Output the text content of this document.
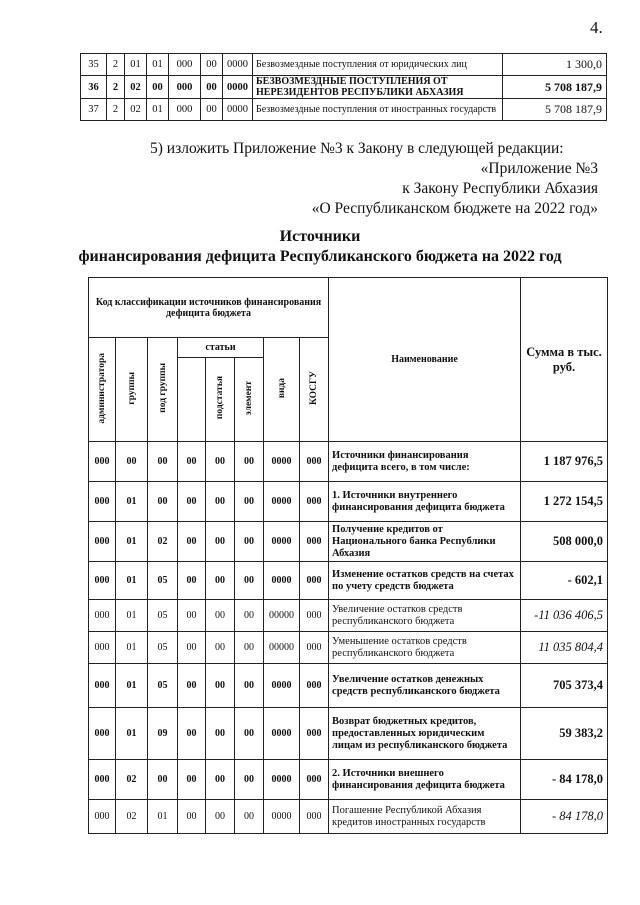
4.
35	2	01	01	000	00	0000	Безвозмездные поступления от юридических лиц	1 300,0
36	2	02	00	000	00	0000	БЕЗВОЗМЕЗДНЫЕ ПОСТУПЛЕНИЯ ОТ НЕРЕЗИДЕНТОВ РЕСПУБЛИКИ АБХАЗИЯ	5 708 187,9
37	2	02	01	000	00	0000	Безвозмездные поступления от иностранных государств	5 708 187,9
5) изложить Приложение №3 к Закону в следующей редакции:
«Приложение №3
к Закону Республики Абхазия
«О Республиканском бюджете на 2022 год»
Источники
финансирования дефицита Республиканского бюджета на 2022 год
Код классификации источников финансирования дефицита бюджета								Наименование	Сумма в тыс. руб.
администратора	группы	под группы	статьи			вида	КОСГУ		
				подстатья	элемент				
000	00	00	00	00	00	0000	000	Источники финансирования дефицита всего, в том числе:	1 187 976,5
000	01	00	00	00	00	0000	000	1. Источники внутреннего финансирования дефицита бюджета	1 272 154,5
000	01	02	00	00	00	0000	000	Получение кредитов от Национального банка Республики Абхазия	508 000,0
000	01	05	00	00	00	0000	000	Изменение остатков средств на счетах по учету средств бюджета	- 602,1
000	01	05	00	00	00	00000	000	Увеличение остатков средств республиканского бюджета	-11 036 406,5
000	01	05	00	00	00	00000	000	Уменьшение остатков средств республиканского бюджета	11 035 804,4
000	01	05	00	00	00	0000	000	Увеличение остатков денежных средств республиканского бюджета	705 373,4
000	01	09	00	00	00	0000	000	Возврат бюджетных кредитов, предоставленных юридическим лицам из республиканского бюджета	59 383,2
000	02	00	00	00	00	0000	000	2. Источники внешнего финансирования дефицита бюджета	- 84 178,0
000	02	01	00	00	00	0000	000	Погашение Республикой Абхазия кредитов иностранных государств	- 84 178,0
